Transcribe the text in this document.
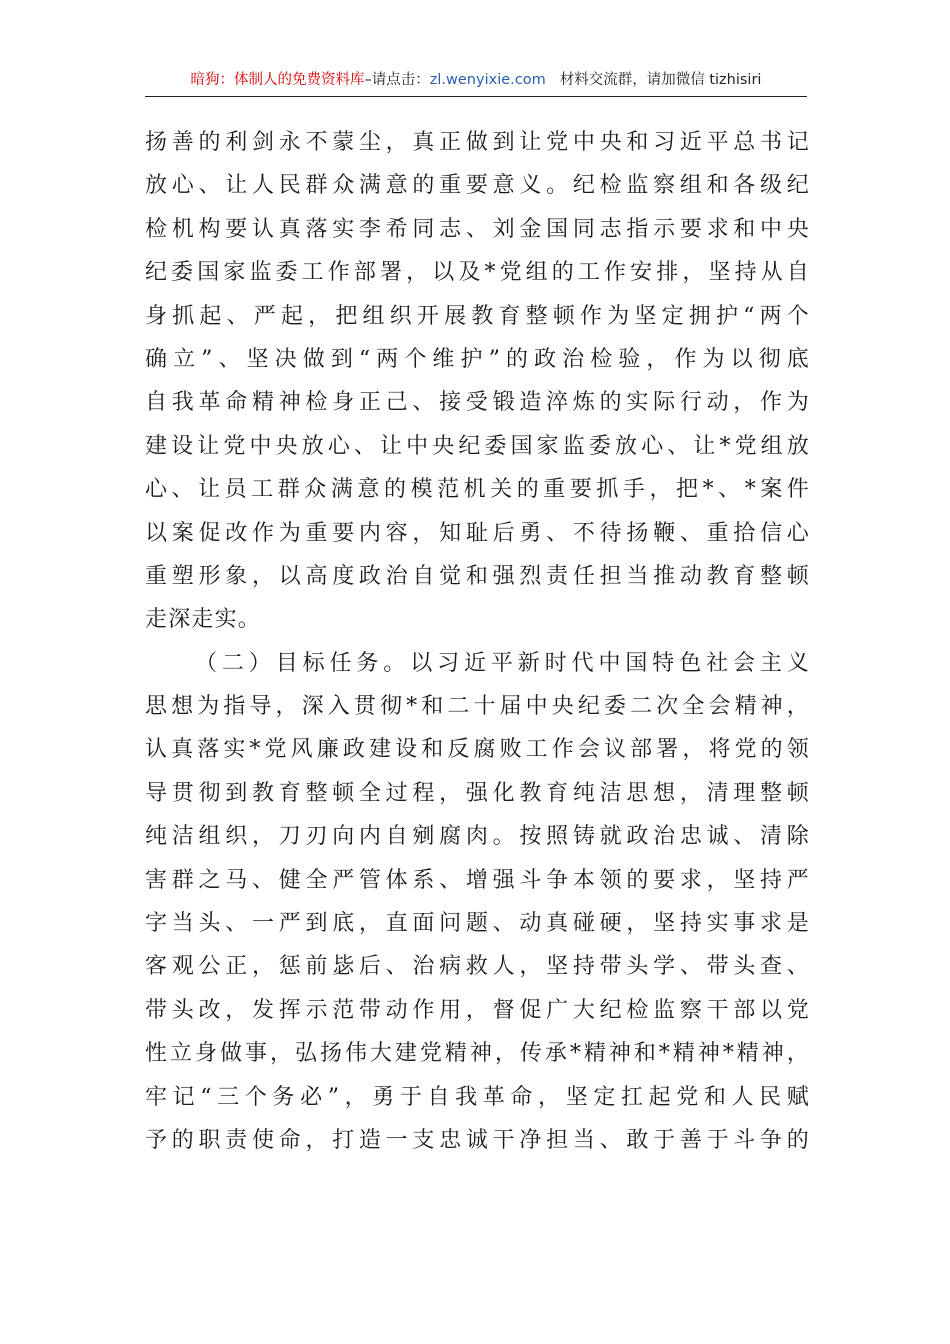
暗狗：体制人的免费资料库 –请点击： zl.wenyixie.com 材料交流群，请加微信 tizhisiri
扬善的利剑永不蒙尘，真正做到让党中央和习近平总书记
放心、让人民群众满意的重要意义。纪检监察组和各级纪
检机构要认真落实李希同志、刘金国同志指示要求和中央
纪委国家监委工作部署，以及*党组的工作安排，坚持从自
身抓起、严起，把组织开展教育整顿作为坚定拥护“两个
确立”、坚决做到“两个维护”的政治检验，作为以彻底
自我革命精神检身正己、接受锻造淬炼的实际行动，作为
建设让党中央放心、让中央纪委国家监委放心、让*党组放
心、让员工群众满意的模范机关的重要抓手，把*、*案件
以案促改作为重要内容，知耻后勇、不待扬鞭、重拾信心
重塑形象，以高度政治自觉和强烈责任担当推动教育整顿
走深走实。
（二）目标任务。以习近平新时代中国特色社会主义
思想为指导，深入贯彻*和二十届中央纪委二次全会精神，
认真落实*党风廉政建设和反腐败工作会议部署，将党的领
导贯彻到教育整顿全过程，强化教育纯洁思想，清理整顿
纯洁组织，刀刃向内自剜腐肉。按照铸就政治忠诚、清除
害群之马、健全严管体系、增强斗争本领的要求，坚持严
字当头、一严到底，直面问题、动真碰硬，坚持实事求是
客观公正，惩前毖后、治病救人，坚持带头学、带头查、
带头改，发挥示范带动作用，督促广大纪检监察干部以党
性立身做事，弘扬伟大建党精神，传承*精神和*精神*精神，
牢记“三个务必”，勇于自我革命，坚定扛起党和人民赋
予的职责使命，打造一支忠诚干净担当、敢于善于斗争的
